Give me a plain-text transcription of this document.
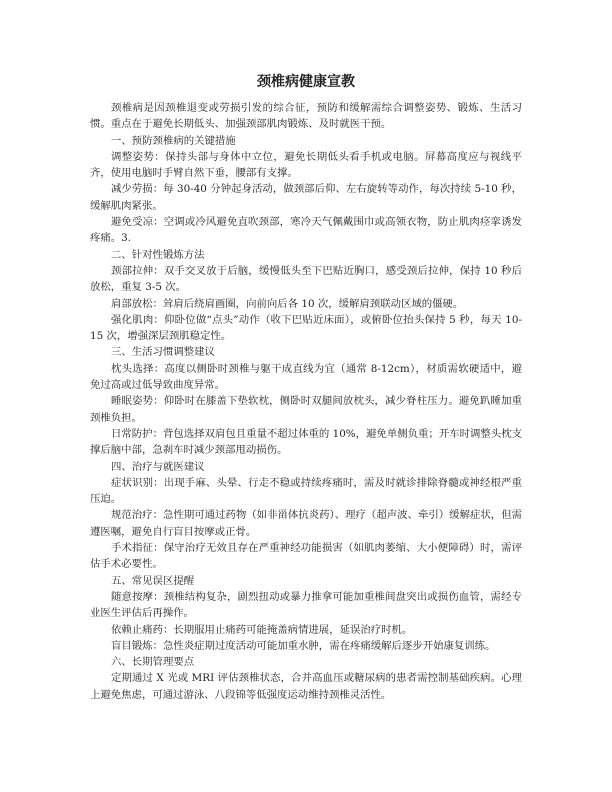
颈椎病健康宣教

颈椎病是因颈椎退变或劳损引发的综合征，预防和缓解需综合调整姿势、锻炼、生活习惯。重点在于避免长期低头、加强颈部肌肉锻炼、及时就医干预。

一、预防颈椎病的关键措施

调整姿势：保持头部与身体中立位，避免长期低头看手机或电脑。屏幕高度应与视线平齐，使用电脑时手臂自然下垂，腰部有支撑。

减少劳损：每 30-40 分钟起身活动，做颈部后仰、左右旋转等动作，每次持续 5-10 秒，缓解肌肉紧张。

避免受凉：空调或冷风避免直吹颈部，寒冷天气佩戴围巾或高领衣物，防止肌肉痉挛诱发疼痛。3.

二、针对性锻炼方法

颈部拉伸：双手交叉放于后脑，缓慢低头至下巴贴近胸口，感受颈后拉伸，保持 10 秒后放松，重复 3-5 次。

肩部放松：耸肩后绕肩画圈，向前向后各 10 次，缓解肩颈联动区域的僵硬。

强化肌肉：仰卧位做“点头”动作（收下巴贴近床面），或俯卧位抬头保持 5 秒，每天 10-15 次，增强深层颈肌稳定性。

三、生活习惯调整建议

枕头选择：高度以侧卧时颈椎与躯干成直线为宜（通常 8-12cm），材质需软硬适中，避免过高或过低导致曲度异常。

睡眠姿势：仰卧时在膝盖下垫软枕，侧卧时双腿间放枕头，减少脊柱压力。避免趴睡加重颈椎负担。

日常防护：背包选择双肩包且重量不超过体重的 10%，避免单侧负重；开车时调整头枕支撑后脑中部，急刹车时减少颈部甩动损伤。

四、治疗与就医建议

症状识别：出现手麻、头晕、行走不稳或持续疼痛时，需及时就诊排除脊髓或神经根严重压迫。

规范治疗：急性期可通过药物（如非甾体抗炎药）、理疗（超声波、牵引）缓解症状，但需遵医嘱，避免自行盲目按摩或正骨。

手术指征：保守治疗无效且存在严重神经功能损害（如肌肉萎缩、大小便障碍）时，需评估手术必要性。

五、常见误区提醒

随意按摩：颈椎结构复杂，剧烈扭动或暴力推拿可能加重椎间盘突出或损伤血管，需经专业医生评估后再操作。

依赖止痛药：长期服用止痛药可能掩盖病情进展，延误治疗时机。

盲目锻炼：急性炎症期过度活动可能加重水肿，需在疼痛缓解后逐步开始康复训练。

六、长期管理要点

定期通过 X 光或 MRI 评估颈椎状态，合并高血压或糖尿病的患者需控制基础疾病。心理上避免焦虑，可通过游泳、八段锦等低强度运动维持颈椎灵活性。
